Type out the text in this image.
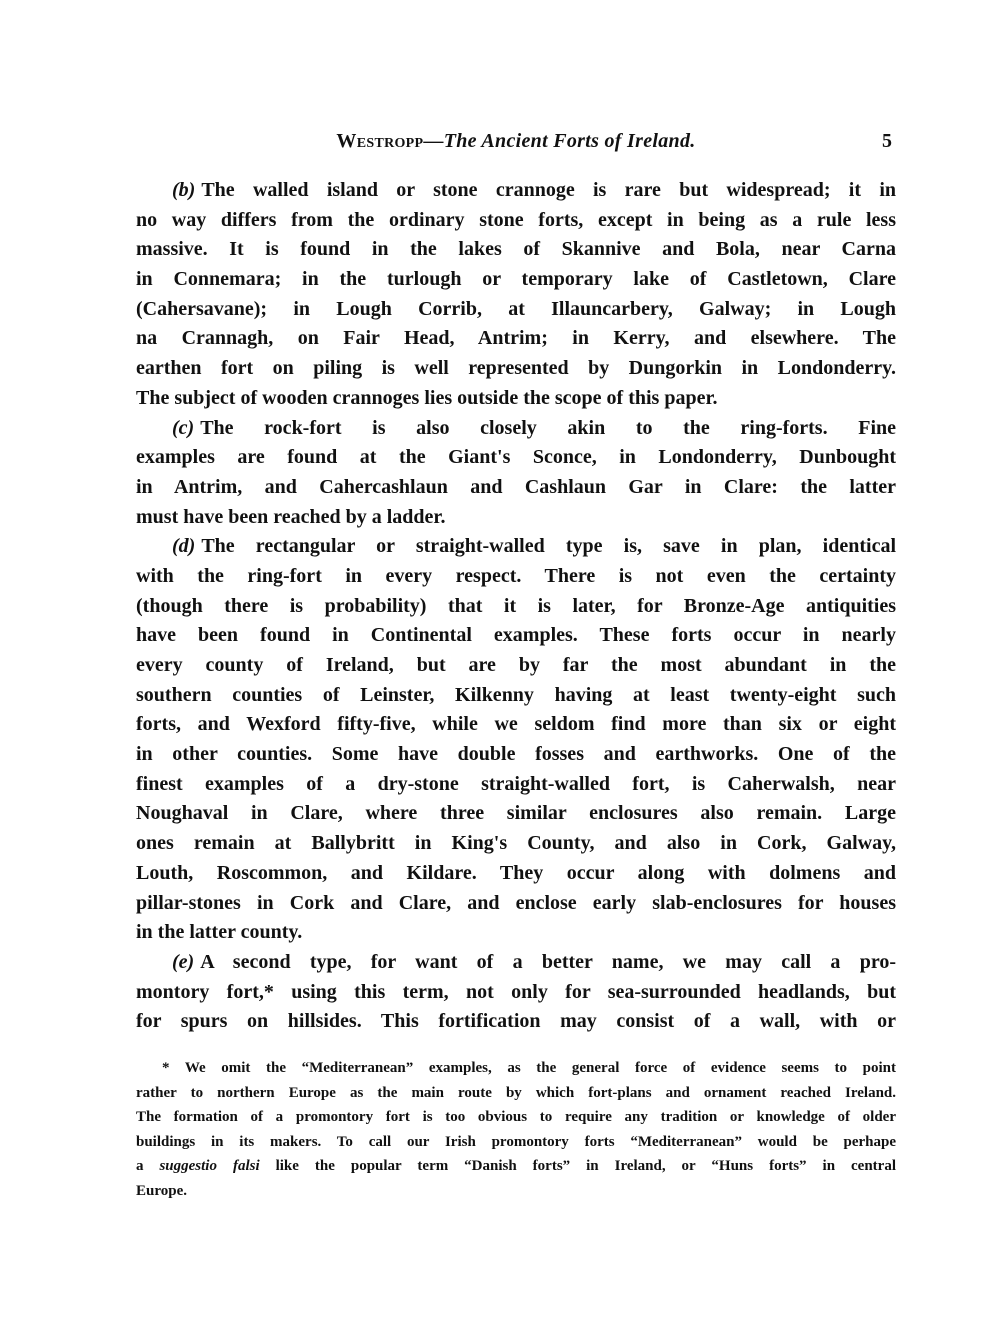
Westropp—The Ancient Forts of Ireland.	5
(b) The walled island or stone crannoge is rare but widespread; it in
no way differs from the ordinary stone forts, except in being as a rule less
massive. It is found in the lakes of Skannive and Bola, near Carna
in Connemara; in the turlough or temporary lake of Castletown, Clare
(Cahersavane); in Lough Corrib, at Illauncarbery, Galway; in Lough
na Crannagh, on Fair Head, Antrim; in Kerry, and elsewhere. The
earthen fort on piling is well represented by Dungorkin in Londonderry.
The subject of wooden crannoges lies outside the scope of this paper.
(c) The rock-fort is also closely akin to the ring-forts. Fine
examples are found at the Giant's Sconce, in Londonderry, Dunbought
in Antrim, and Cahercashlaun and Cashlaun Gar in Clare: the latter
must have been reached by a ladder.
(d) The rectangular or straight-walled type is, save in plan, identical
with the ring-fort in every respect. There is not even the certainty
(though there is probability) that it is later, for Bronze-Age antiquities
have been found in Continental examples. These forts occur in nearly
every county of Ireland, but are by far the most abundant in the
southern counties of Leinster, Kilkenny having at least twenty-eight such
forts, and Wexford fifty-five, while we seldom find more than six or eight
in other counties. Some have double fosses and earthworks. One of the
finest examples of a dry-stone straight-walled fort, is Caherwalsh, near
Noughaval in Clare, where three similar enclosures also remain. Large
ones remain at Ballybritt in King's County, and also in Cork, Galway,
Louth, Roscommon, and Kildare. They occur along with dolmens and
pillar-stones in Cork and Clare, and enclose early slab-enclosures for houses
in the latter county.
(e) A second type, for want of a better name, we may call a pro-
montory fort,* using this term, not only for sea-surrounded headlands, but
for spurs on hillsides. This fortification may consist of a wall, with or
* We omit the “Mediterranean” examples, as the general force of evidence seems to point
rather to northern Europe as the main route by which fort-plans and ornament reached Ireland.
The formation of a promontory fort is too obvious to require any tradition or knowledge of older
buildings in its makers. To call our Irish promontory forts “Mediterranean” would be perhape
a suggestio falsi like the popular term “Danish forts” in Ireland, or “Huns forts” in central
Europe.
